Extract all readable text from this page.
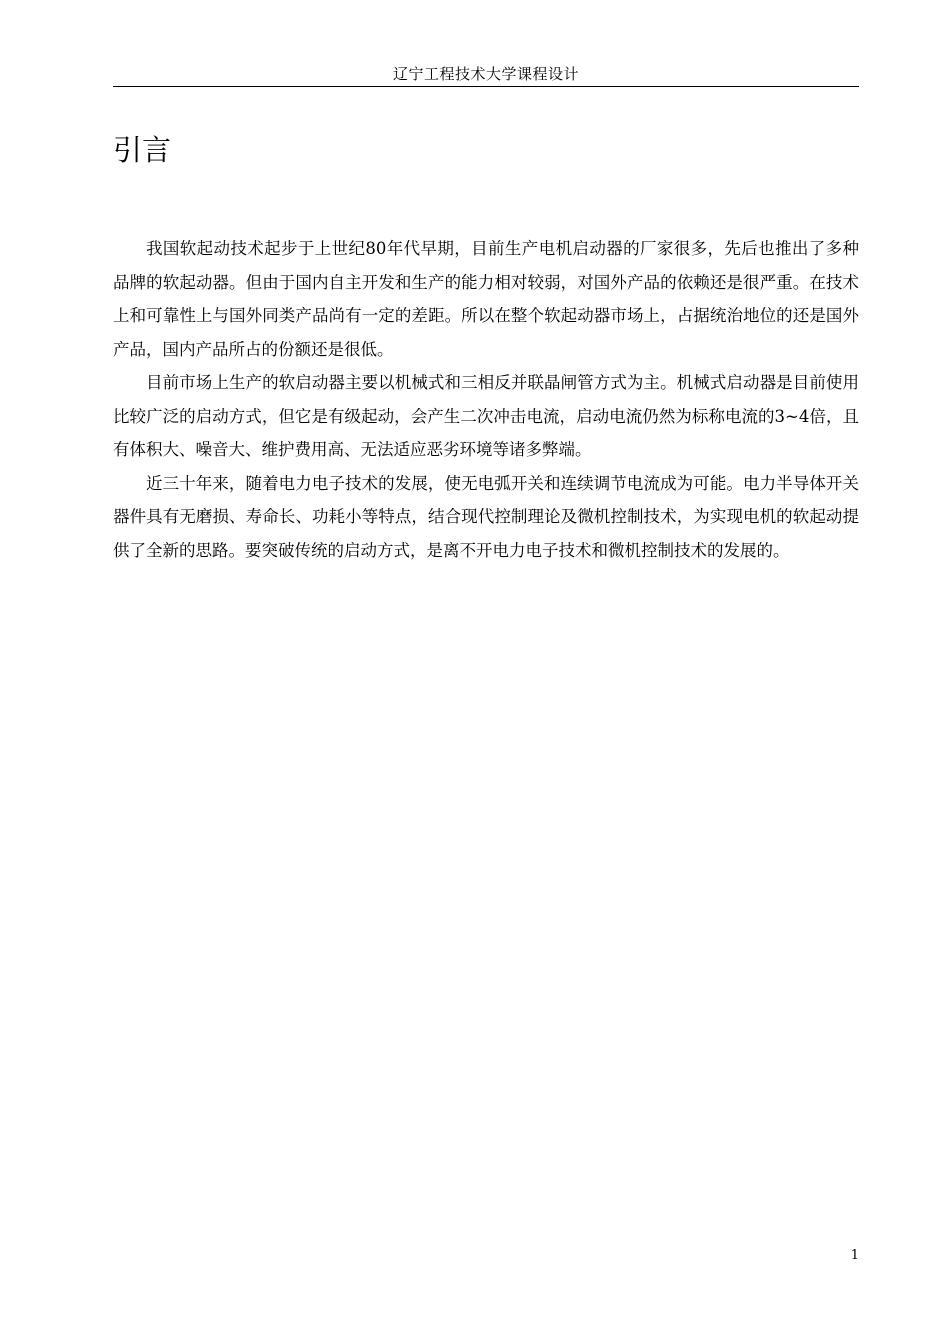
辽宁工程技术大学课程设计
引言

我国软起动技术起步于上世纪80年代早期，目前生产电机启动器的厂家很多，先后也推出了多种品牌的软起动器。但由于国内自主开发和生产的能力相对较弱，对国外产品的依赖还是很严重。在技术上和可靠性上与国外同类产品尚有一定的差距。所以在整个软起动器市场上，占据统治地位的还是国外产品，国内产品所占的份额还是很低。

目前市场上生产的软启动器主要以机械式和三相反并联晶闸管方式为主。机械式启动器是目前使用比较广泛的启动方式，但它是有级起动，会产生二次冲击电流，启动电流仍然为标称电流的3~4倍，且有体积大、噪音大、维护费用高、无法适应恶劣环境等诸多弊端。

近三十年来，随着电力电子技术的发展，使无电弧开关和连续调节电流成为可能。电力半导体开关器件具有无磨损、寿命长、功耗小等特点，结合现代控制理论及微机控制技术，为实现电机的软起动提供了全新的思路。要突破传统的启动方式，是离不开电力电子技术和微机控制技术的发展的。

1
